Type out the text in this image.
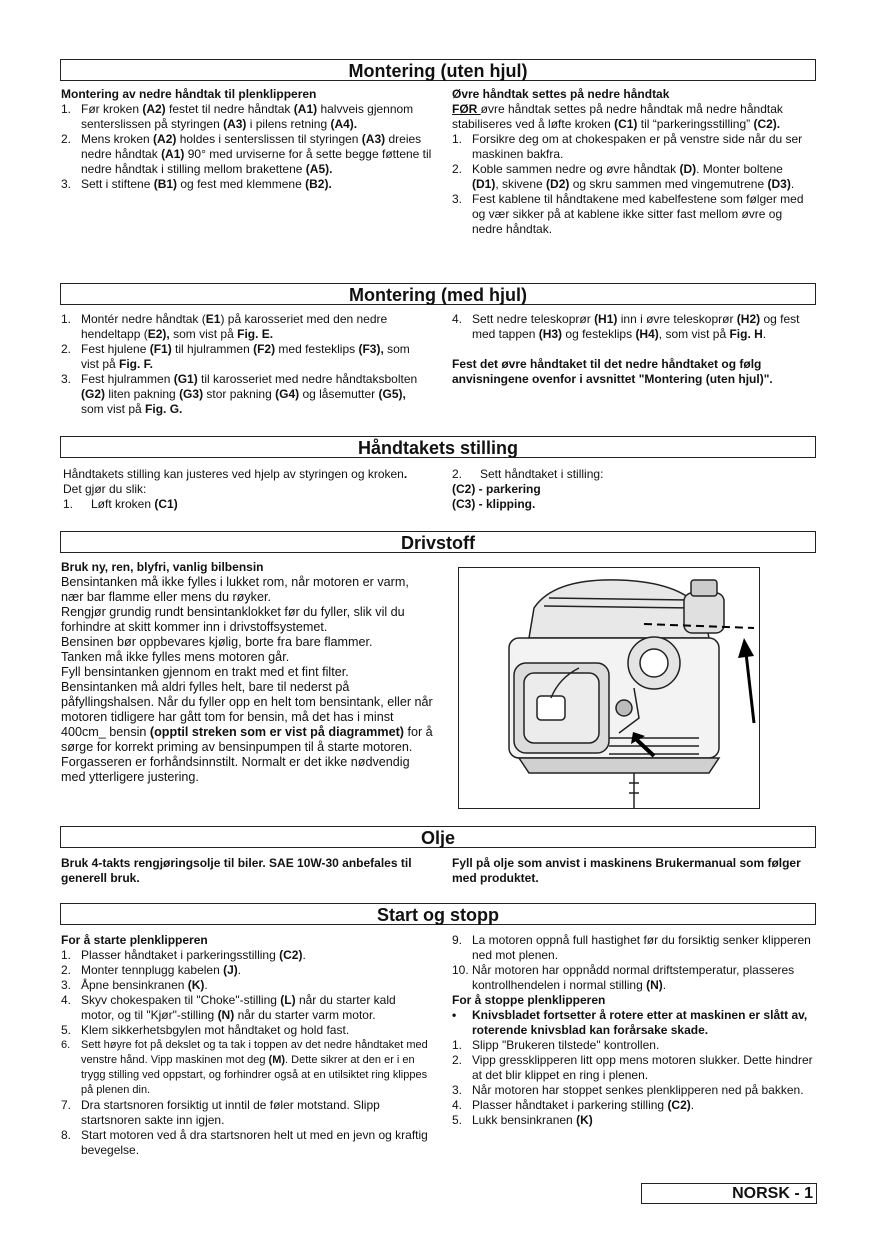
Montering (uten hjul)

Montering av nedre håndtak til plenklipperen

1. Før kroken (A2) festet til nedre håndtak (A1) halvveis gjennom senterslissen på styringen (A3) i pilens retning (A4).
2. Mens kroken (A2) holdes i senterslissen til styringen (A3) dreies nedre håndtak (A1) 90° med urviserne for å sette begge føttene til nedre håndtak i stilling mellom brakettene (A5).
3. Sett i stiftene (B1) og fest med klemmene (B2).

Øvre håndtak settes på nedre håndtak

FØR øvre håndtak settes på nedre håndtak må nedre håndtak stabiliseres ved å løfte kroken (C1) til “parkeringsstilling” (C2).

1. Forsikre deg om at chokespaken er på venstre side når du ser maskinen bakfra.
2. Koble sammen nedre og øvre håndtak (D). Monter boltene (D1), skivene (D2) og skru sammen med vingemutrene (D3).
3. Fest kablene til håndtakene med kabelfestene som følger med og vær sikker på at kablene ikke sitter fast mellom øvre og nedre håndtak.
Montering (med hjul)
1. Montér nedre håndtak (E1) på karosseriet med den nedre hendeltapp (E2), som vist på Fig. E.
2. Fest hjulene (F1) til hjulrammen (F2) med festeklips (F3), som vist på Fig. F.
3. Fest hjulrammen (G1) til karosseriet med nedre håndtaksbolten (G2) liten pakning (G3) stor pakning (G4) og låsemutter (G5), som vist på Fig. G.
4. Sett nedre teleskoprør (H1) inn i øvre teleskoprør (H2) og fest med tappen (H3) og festeklips (H4), som vist på Fig. H.

Fest det øvre håndtaket til det nedre håndtaket og følg anvisningene ovenfor i avsnittet "Montering (uten hjul)".

Håndtakets stilling

Håndtakets stilling kan justeres ved hjelp av styringen og kroken. Det gjør du slik:

1. Løft kroken (C1)
2. Sett håndtaket i stilling:

(C2) - parkering

(C3) - klipping.

Drivstoff

Bruk ny, ren, blyfri, vanlig bilbensin

Bensintanken må ikke fylles i lukket rom, når motoren er varm, nær bar flamme eller mens du røyker.

Rengjør grundig rundt bensintanklokket før du fyller, slik vil du forhindre at skitt kommer inn i drivstoffsystemet.

Bensinen bør oppbevares kjølig, borte fra bare flammer.

Tanken må ikke fylles mens motoren går.

Fyll bensintanken gjennom en trakt med et fint filter.

Bensintanken må aldri fylles helt, bare til nederst på påfyllingshalsen. Når du fyller opp en helt tom bensintank, eller når motoren tidligere har gått tom for bensin, må det has i minst 400cm_ bensin (opptil streken som er vist på diagrammet) for å sørge for korrekt priming av bensinpumpen til å starte motoren.

Forgasseren er forhåndsinnstilt. Normalt er det ikke nødvendig med ytterligere justering.

Olje
Bruk 4-takts rengjøringsolje til biler. SAE 10W-30 anbefales til generell bruk.
Fyll på olje som anvist i maskinens Brukermanual som følger med produktet.
Start og stopp

For å starte plenklipperen

1. Plasser håndtaket i parkeringsstilling (C2).
2. Monter tennplugg kabelen (J).
3. Åpne bensinkranen (K).
4. Skyv chokespaken til "Choke"-stilling (L) når du starter kald motor, og til "Kjør"-stilling (N) når du starter varm motor.
5. Klem sikkerhetsbgylen mot håndtaket og hold fast.
6. Sett høyre fot på dekslet og ta tak i toppen av det nedre håndtaket med venstre hånd. Vipp maskinen mot deg (M). Dette sikrer at den er i en trygg stilling ved oppstart, og forhindrer også at en utilsiktet ring klippes på plenen din.
7. Dra startsnoren forsiktig ut inntil de føler motstand. Slipp startsnoren sakte inn igjen.
8. Start motoren ved å dra startsnoren helt ut med en jevn og kraftig bevegelse.
9. La motoren oppnå full hastighet før du forsiktig senker klipperen ned mot plenen.
10. Når motoren har oppnådd normal driftstemperatur, plasseres kontrollhendelen i normal stilling (N).

For å stoppe plenklipperen

• Knivsbladet fortsetter å rotere etter at maskinen er slått av, roterende knivsblad kan forårsake skade.
1. Slipp "Brukeren tilstede" kontrollen.
2. Vipp gressklipperen litt opp mens motoren slukker. Dette hindrer at det blir klippet en ring i plenen.
3. Når motoren har stoppet senkes plenklipperen ned på bakken.
4. Plasser håndtaket i parkering stilling (C2).
5. Lukk bensinkranen (K)
NORSK - 1
